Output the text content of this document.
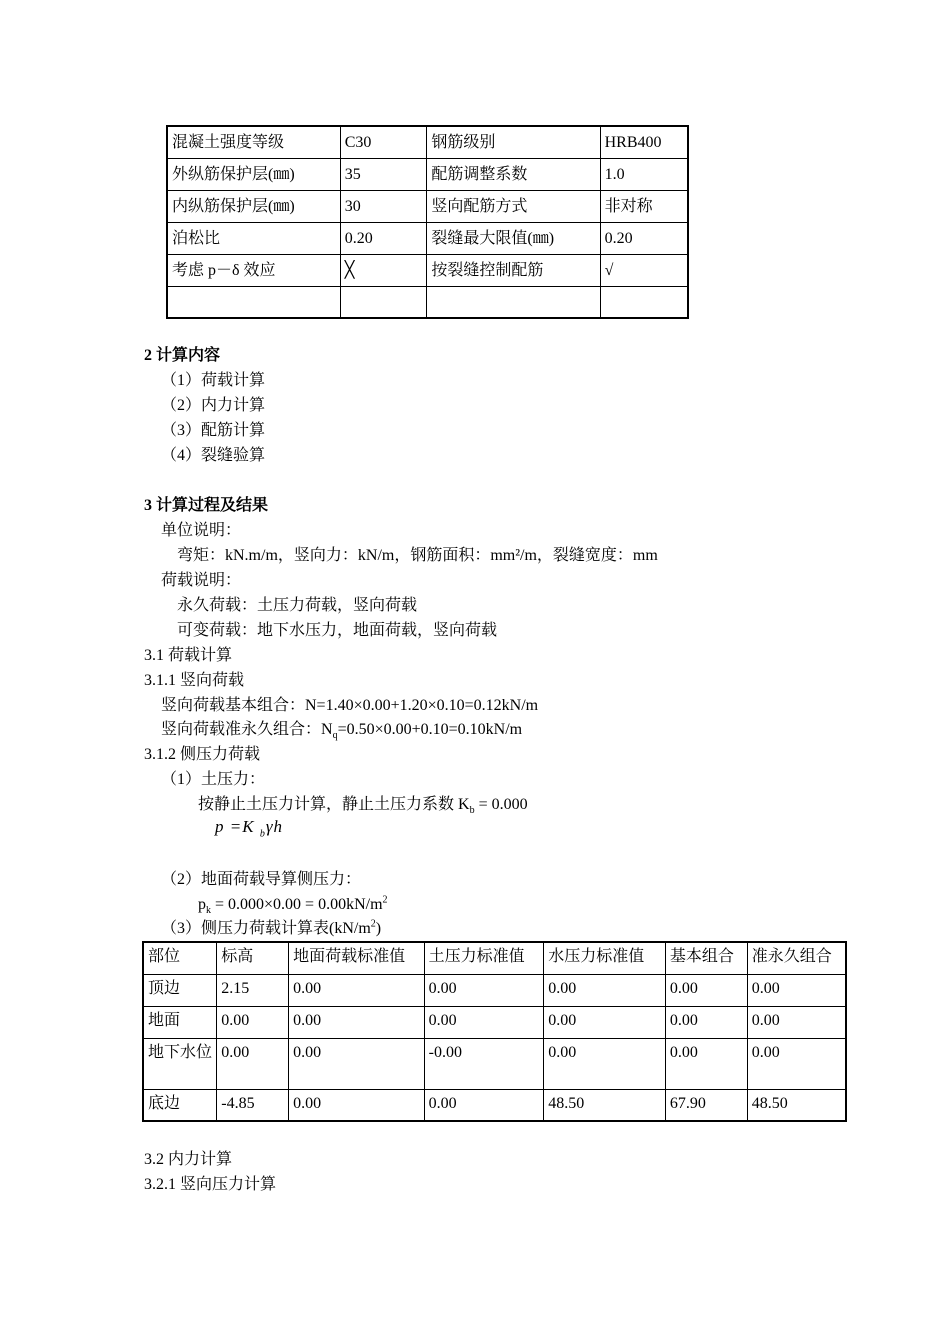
混凝土强度等级	C30	钢筋级别	HRB400
外纵筋保护层(㎜)	35	配筋调整系数	1.0
内纵筋保护层(㎜)	30	竖向配筋方式	非对称
泊松比	0.20	裂缝最大限值(㎜)	0.20
考虑 p－δ 效应	╳	按裂缝控制配筋	√

2 计算内容
（1）荷载计算
（2）内力计算
（3）配筋计算
（4）裂缝验算
3 计算过程及结果
单位说明：
弯矩：kN.m/m，竖向力：kN/m，钢筋面积：mm²/m，裂缝宽度：mm
荷载说明：
永久荷载：土压力荷载，竖向荷载
可变荷载：地下水压力，地面荷载，竖向荷载
3.1 荷载计算
3.1.1 竖向荷载
竖向荷载基本组合：N=1.40×0.00+1.20×0.10=0.12kN/m
竖向荷载准永久组合：$N_q=0.50\times 0.00+0.10=0.10kN/m$
3.1.2 侧压力荷载
（1）土压力：
按静止土压力计算，静止土压力系数 $K_b = 0.000$
p =K $_b$γh
（2）地面荷载导算侧压力：
$p_k = 0.000\times 0.00 = 0.00kN/m^2$
（3）侧压力荷载计算表$(kN/m^2)$
部位	标高	地面荷载标准值	土压力标准值	水压力标准值	基本组合	准永久组合
顶边	2.15	0.00	0.00	0.00	0.00	0.00
地面	0.00	0.00	0.00	0.00	0.00	0.00
地下水位	0.00	0.00	-0.00	0.00	0.00	0.00
底边	-4.85	0.00	0.00	48.50	67.90	48.50
3.2 内力计算
3.2.1 竖向压力计算
